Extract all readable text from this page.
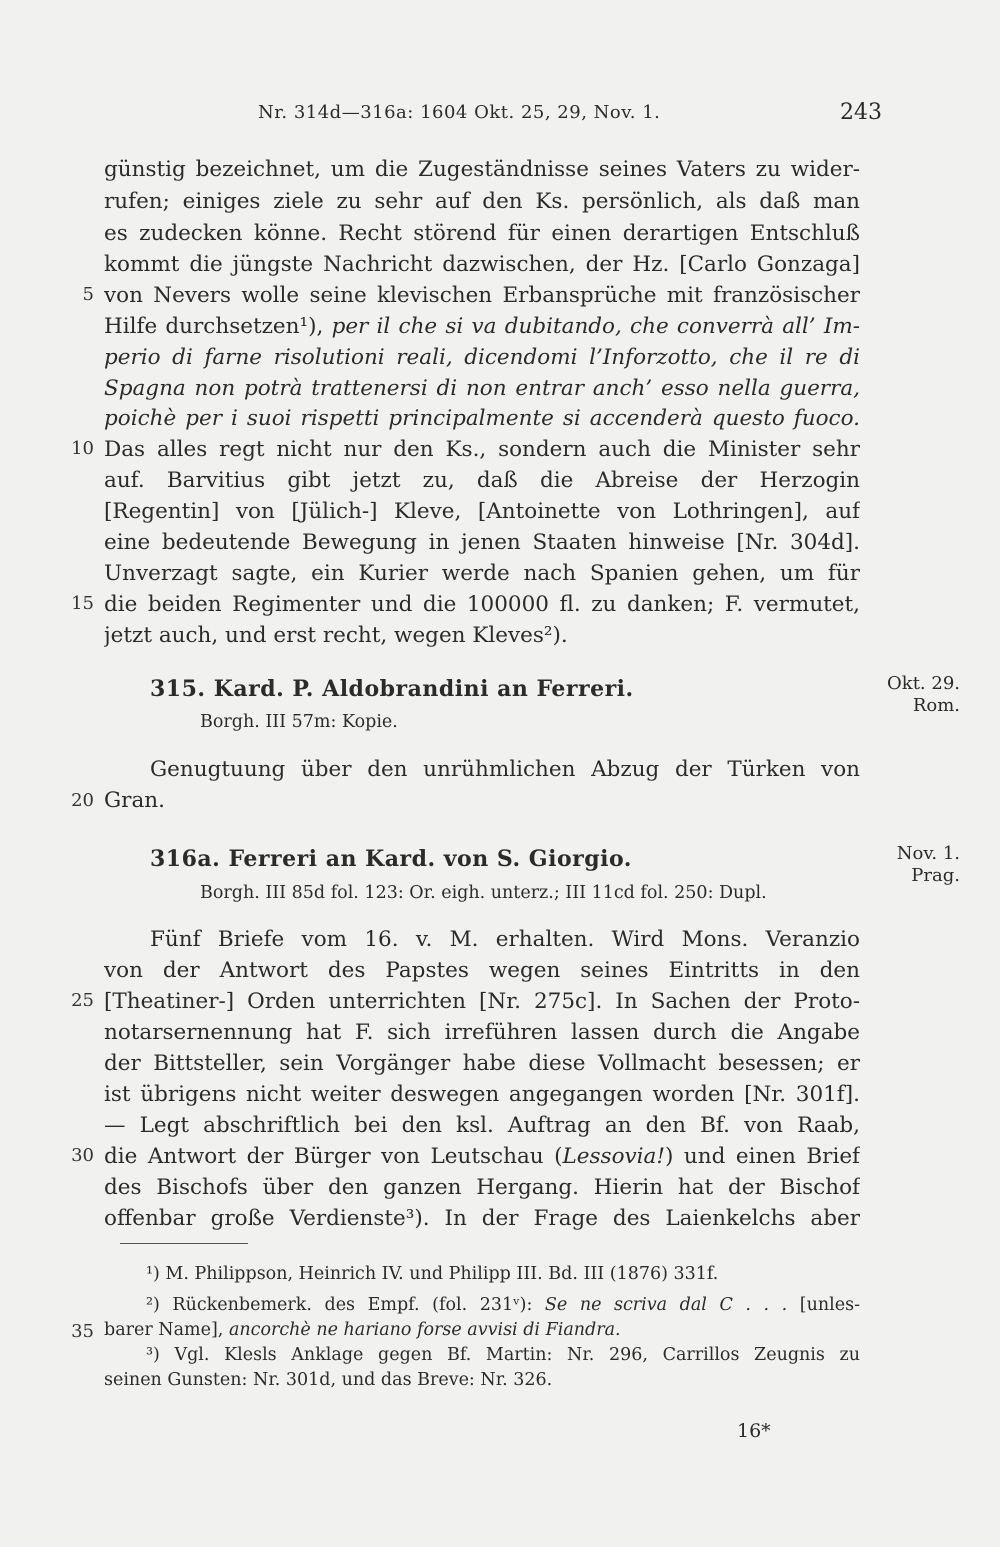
Nr. 314d—316a: 1604 Okt. 25, 29, Nov. 1.	243
günstig bezeichnet, um die Zugeständnisse seines Vaters zu wider-
rufen; einiges ziele zu sehr auf den Ks. persönlich, als daß man
es zudecken könne. Recht störend für einen derartigen Entschluß
kommt die jüngste Nachricht dazwischen, der Hz. [Carlo Gonzaga]
5 von Nevers wolle seine klevischen Erbansprüche mit französischer
Hilfe durchsetzen¹), per il che si va dubitando, che converrà all’ Im-
perio di farne risolutioni reali, dicendomi l’Inforzotto, che il re di
Spagna non potrà trattenersi di non entrar anch’ esso nella guerra,
poichè per i suoi rispetti principalmente si accenderà questo fuoco.
10 Das alles regt nicht nur den Ks., sondern auch die Minister sehr
auf. Barvitius gibt jetzt zu, daß die Abreise der Herzogin
[Regentin] von [Jülich-] Kleve, [Antoinette von Lothringen], auf
eine bedeutende Bewegung in jenen Staaten hinweise [Nr. 304d].
Unverzagt sagte, ein Kurier werde nach Spanien gehen, um für
15 die beiden Regimenter und die 100000 fl. zu danken; F. vermutet,
jetzt auch, und erst recht, wegen Kleves²).
315. Kard. P. Aldobrandini an Ferreri.	Okt. 29.
Rom.
Borgh. III 57m: Kopie.
Genugtuung über den unrühmlichen Abzug der Türken von
20 Gran.
316a. Ferreri an Kard. von S. Giorgio.	Nov. 1.
Prag.
Borgh. III 85d fol. 123: Or. eigh. unterz.; III 11cd fol. 250: Dupl.
Fünf Briefe vom 16. v. M. erhalten. Wird Mons. Veranzio
von der Antwort des Papstes wegen seines Eintritts in den
25 [Theatiner-] Orden unterrichten [Nr. 275c]. In Sachen der Proto-
notarsernennung hat F. sich irreführen lassen durch die Angabe
der Bittsteller, sein Vorgänger habe diese Vollmacht besessen; er
ist übrigens nicht weiter deswegen angegangen worden [Nr. 301f].
— Legt abschriftlich bei den ksl. Auftrag an den Bf. von Raab,
30 die Antwort der Bürger von Leutschau (Lessovia!) und einen Brief
des Bischofs über den ganzen Hergang. Hierin hat der Bischof
offenbar große Verdienste³). In der Frage des Laienkelchs aber
¹) M. Philippson, Heinrich IV. und Philipp III. Bd. III (1876) 331f.
²) Rückenbemerk. des Empf. (fol. 231ᵛ): Se ne scriva dal C . . . [unles-
35 barer Name], ancorchè ne hariano forse avvisi di Fiandra.
³) Vgl. Klesls Anklage gegen Bf. Martin: Nr. 296, Carrillos Zeugnis zu
seinen Gunsten: Nr. 301d, und das Breve: Nr. 326.
16*
